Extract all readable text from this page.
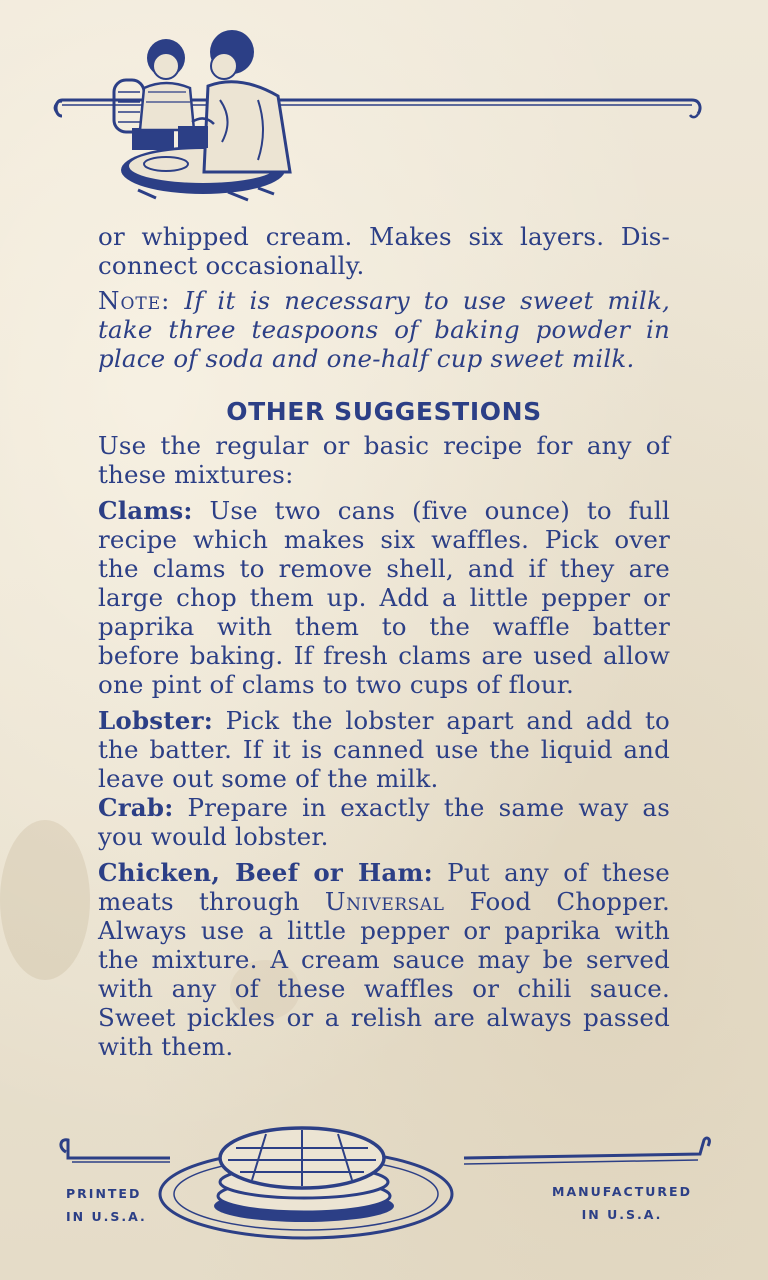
or whipped cream. Makes six layers. Dis-connect occasionally.

Note: If it is necessary to use sweet milk, take three teaspoons of baking powder in place of soda and one-half cup sweet milk.

OTHER SUGGESTIONS

Use the regular or basic recipe for any of these mixtures:

Clams: Use two cans (five ounce) to full recipe which makes six waffles. Pick over the clams to remove shell, and if they are large chop them up. Add a little pepper or paprika with them to the waffle batter before baking. If fresh clams are used allow one pint of clams to two cups of flour.

Lobster: Pick the lobster apart and add to the batter. If it is canned use the liquid and leave out some of the milk.

Crab: Prepare in exactly the same way as you would lobster.

Chicken, Beef or Ham: Put any of these meats through Universal Food Chopper. Always use a little pepper or paprika with the mixture. A cream sauce may be served with any of these waffles or chili sauce. Sweet pickles or a relish are always passed with them.

PRINTED
IN U.S.A.
MANUFACTURED
IN U.S.A.
